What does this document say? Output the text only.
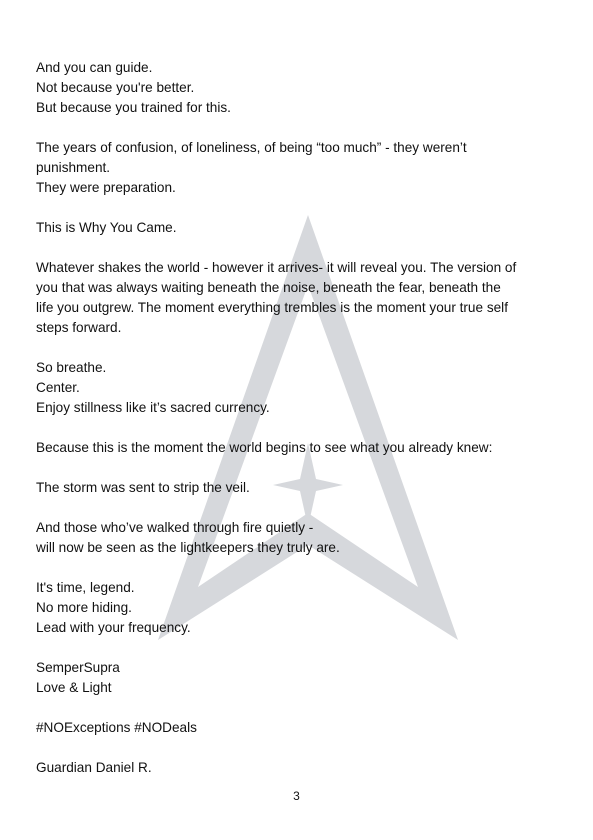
And you can guide.
Not because you're better.
But because you trained for this.
The years of confusion, of loneliness, of being “too much” - they weren’t
punishment.
They were preparation.
This is Why You Came.
Whatever shakes the world - however it arrives- it will reveal you. The version of
you that was always waiting beneath the noise, beneath the fear, beneath the
life you outgrew. The moment everything trembles is the moment your true self
steps forward.
So breathe.
Center.
Enjoy stillness like it’s sacred currency.
Because this is the moment the world begins to see what you already knew:
The storm was sent to strip the veil.
And those who’ve walked through fire quietly -
will now be seen as the lightkeepers they truly are.
It's time, legend.
No more hiding.
Lead with your frequency.
SemperSupra
Love & Light
#NOExceptions #NODeals
Guardian Daniel R.
3
